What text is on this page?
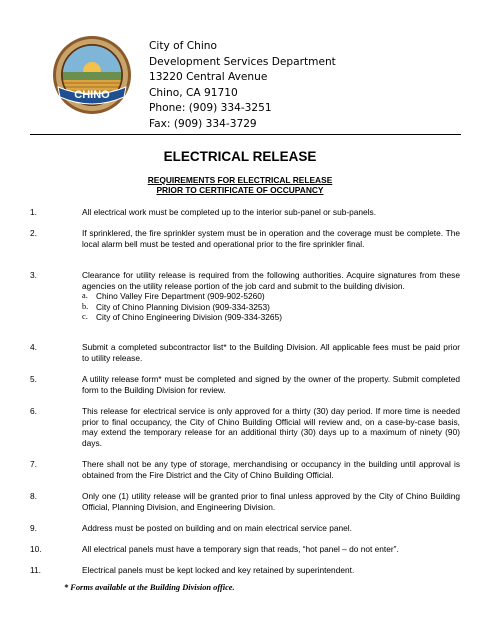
CHINO
City of Chino
Development Services Department
13220 Central Avenue
Chino, CA 91710
Phone: (909) 334-3251
Fax: (909) 334-3729
ELECTRICAL RELEASE
REQUIREMENTS FOR ELECTRICAL RELEASE
PRIOR TO CERTIFICATE OF OCCUPANCY
1.	All electrical work must be completed up to the interior sub-panel or sub-panels.
2.	If sprinklered, the fire sprinkler system must be in operation and the coverage must be complete. The local alarm bell must be tested and operational prior to the fire sprinkler final.
3.	Clearance for utility release is required from the following authorities. Acquire signatures from these agencies on the utility release portion of the job card and submit to the building division.
a. Chino Valley Fire Department (909-902-5260)
b. City of Chino Planning Division (909-334-3253)
c. City of Chino Engineering Division (909-334-3265)
4.	Submit a completed subcontractor list* to the Building Division. All applicable fees must be paid prior to utility release.
5.	A utility release form* must be completed and signed by the owner of the property. Submit completed form to the Building Division for review.
6.	This release for electrical service is only approved for a thirty (30) day period. If more time is needed prior to final occupancy, the City of Chino Building Official will review and, on a case-by-case basis, may extend the temporary release for an additional thirty (30) days up to a maximum of ninety (90) days.
7.	There shall not be any type of storage, merchandising or occupancy in the building until approval is obtained from the Fire District and the City of Chino Building Official.
8.	Only one (1) utility release will be granted prior to final unless approved by the City of Chino Building Official, Planning Division, and Engineering Division.
9.	Address must be posted on building and on main electrical service panel.
10.	All electrical panels must have a temporary sign that reads, “hot panel – do not enter”.
11.	Electrical panels must be kept locked and key retained by superintendent.
* Forms available at the Building Division office.
